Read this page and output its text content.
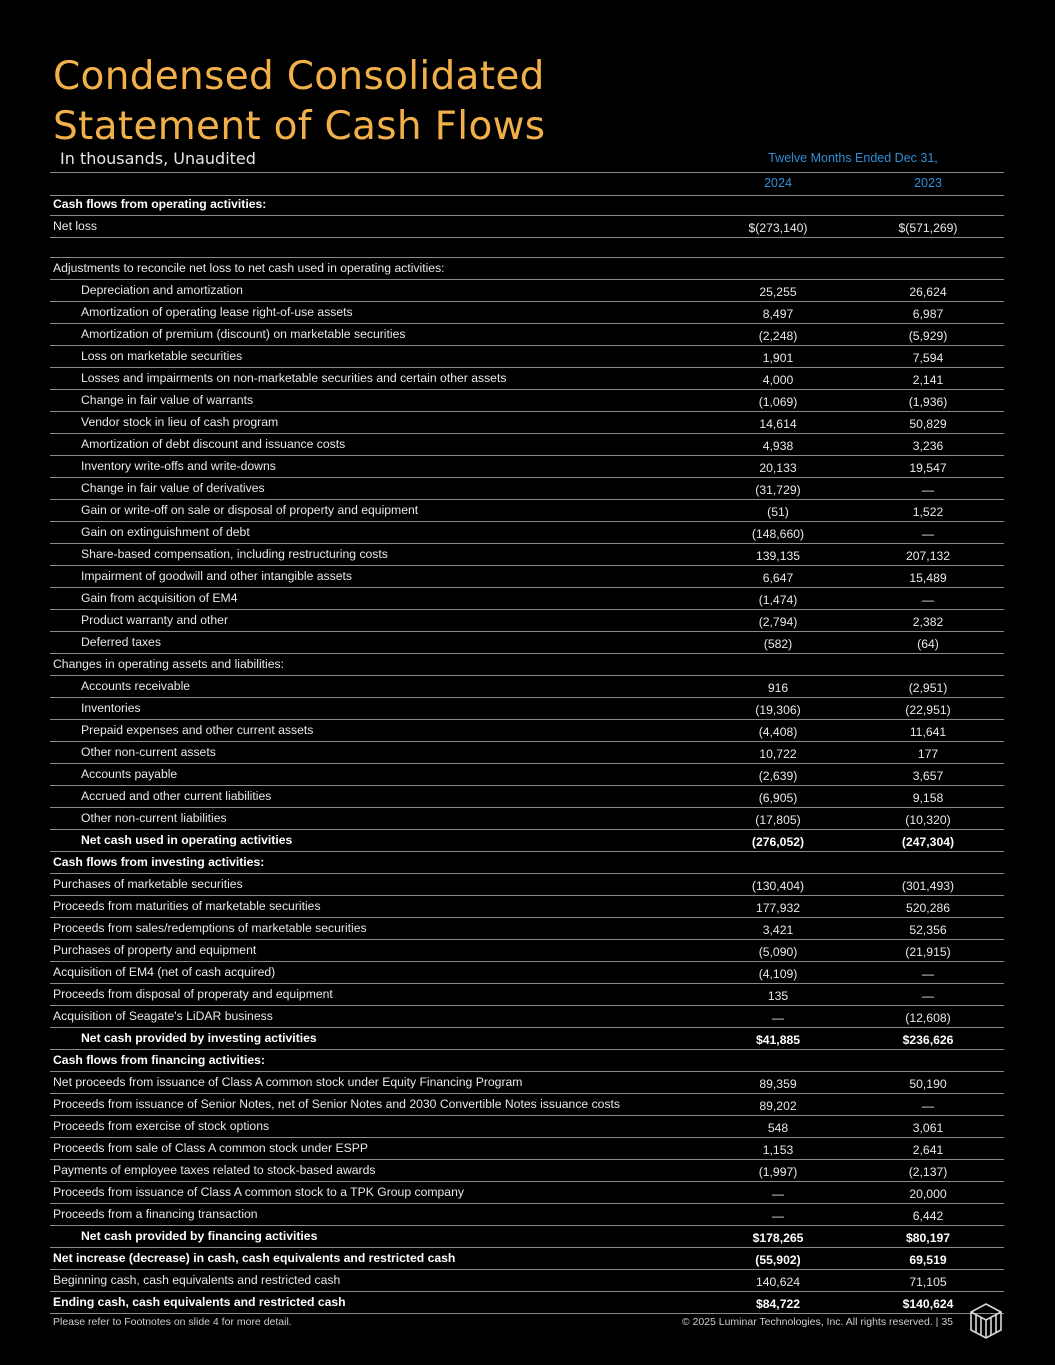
Condensed Consolidated
Statement of Cash Flows
In thousands, Unaudited	Twelve Months Ended Dec 31,
2024	2023
Cash flows from operating activities:
Net loss	$(273,140)	$(571,269)
Adjustments to reconcile net loss to net cash used in operating activities:
Depreciation and amortization	25,255	26,624
Amortization of operating lease right-of-use assets	8,497	6,987
Amortization of premium (discount) on marketable securities	(2,248)	(5,929)
Loss on marketable securities	1,901	7,594
Losses and impairments on non-marketable securities and certain other assets	4,000	2,141
Change in fair value of warrants	(1,069)	(1,936)
Vendor stock in lieu of cash program	14,614	50,829
Amortization of debt discount and issuance costs	4,938	3,236
Inventory write-offs and write-downs	20,133	19,547
Change in fair value of derivatives	(31,729)	—
Gain or write-off on sale or disposal of property and equipment	(51)	1,522
Gain on extinguishment of debt	(148,660)	—
Share-based compensation, including restructuring costs	139,135	207,132
Impairment of goodwill and other intangible assets	6,647	15,489
Gain from acquisition of EM4	(1,474)	—
Product warranty and other	(2,794)	2,382
Deferred taxes	(582)	(64)
Changes in operating assets and liabilities:
Accounts receivable	916	(2,951)
Inventories	(19,306)	(22,951)
Prepaid expenses and other current assets	(4,408)	11,641
Other non-current assets	10,722	177
Accounts payable	(2,639)	3,657
Accrued and other current liabilities	(6,905)	9,158
Other non-current liabilities	(17,805)	(10,320)
Net cash used in operating activities	(276,052)	(247,304)
Cash flows from investing activities:
Purchases of marketable securities	(130,404)	(301,493)
Proceeds from maturities of marketable securities	177,932	520,286
Proceeds from sales/redemptions of marketable securities	3,421	52,356
Purchases of property and equipment	(5,090)	(21,915)
Acquisition of EM4 (net of cash acquired)	(4,109)	—
Proceeds from disposal of properaty and equipment	135	—
Acquisition of Seagate's LiDAR business	—	(12,608)
Net cash provided by investing activities	$41,885	$236,626
Cash flows from financing activities:
Net proceeds from issuance of Class A common stock under Equity Financing Program	89,359	50,190
Proceeds from issuance of Senior Notes, net of Senior Notes and 2030 Convertible Notes issuance costs	89,202	—
Proceeds from exercise of stock options	548	3,061
Proceeds from sale of Class A common stock under ESPP	1,153	2,641
Payments of employee taxes related to stock-based awards	(1,997)	(2,137)
Proceeds from issuance of Class A common stock to a TPK Group company	—	20,000
Proceeds from a financing transaction	—	6,442
Net cash provided by financing activities	$178,265	$80,197
Net increase (decrease) in cash, cash equivalents and restricted cash	(55,902)	69,519
Beginning cash, cash equivalents and restricted cash	140,624	71,105
Ending cash, cash equivalents and restricted cash	$84,722	$140,624
Please refer to Footnotes on slide 4 for more detail.	© 2025 Luminar Technologies, Inc. All rights reserved. | 35
